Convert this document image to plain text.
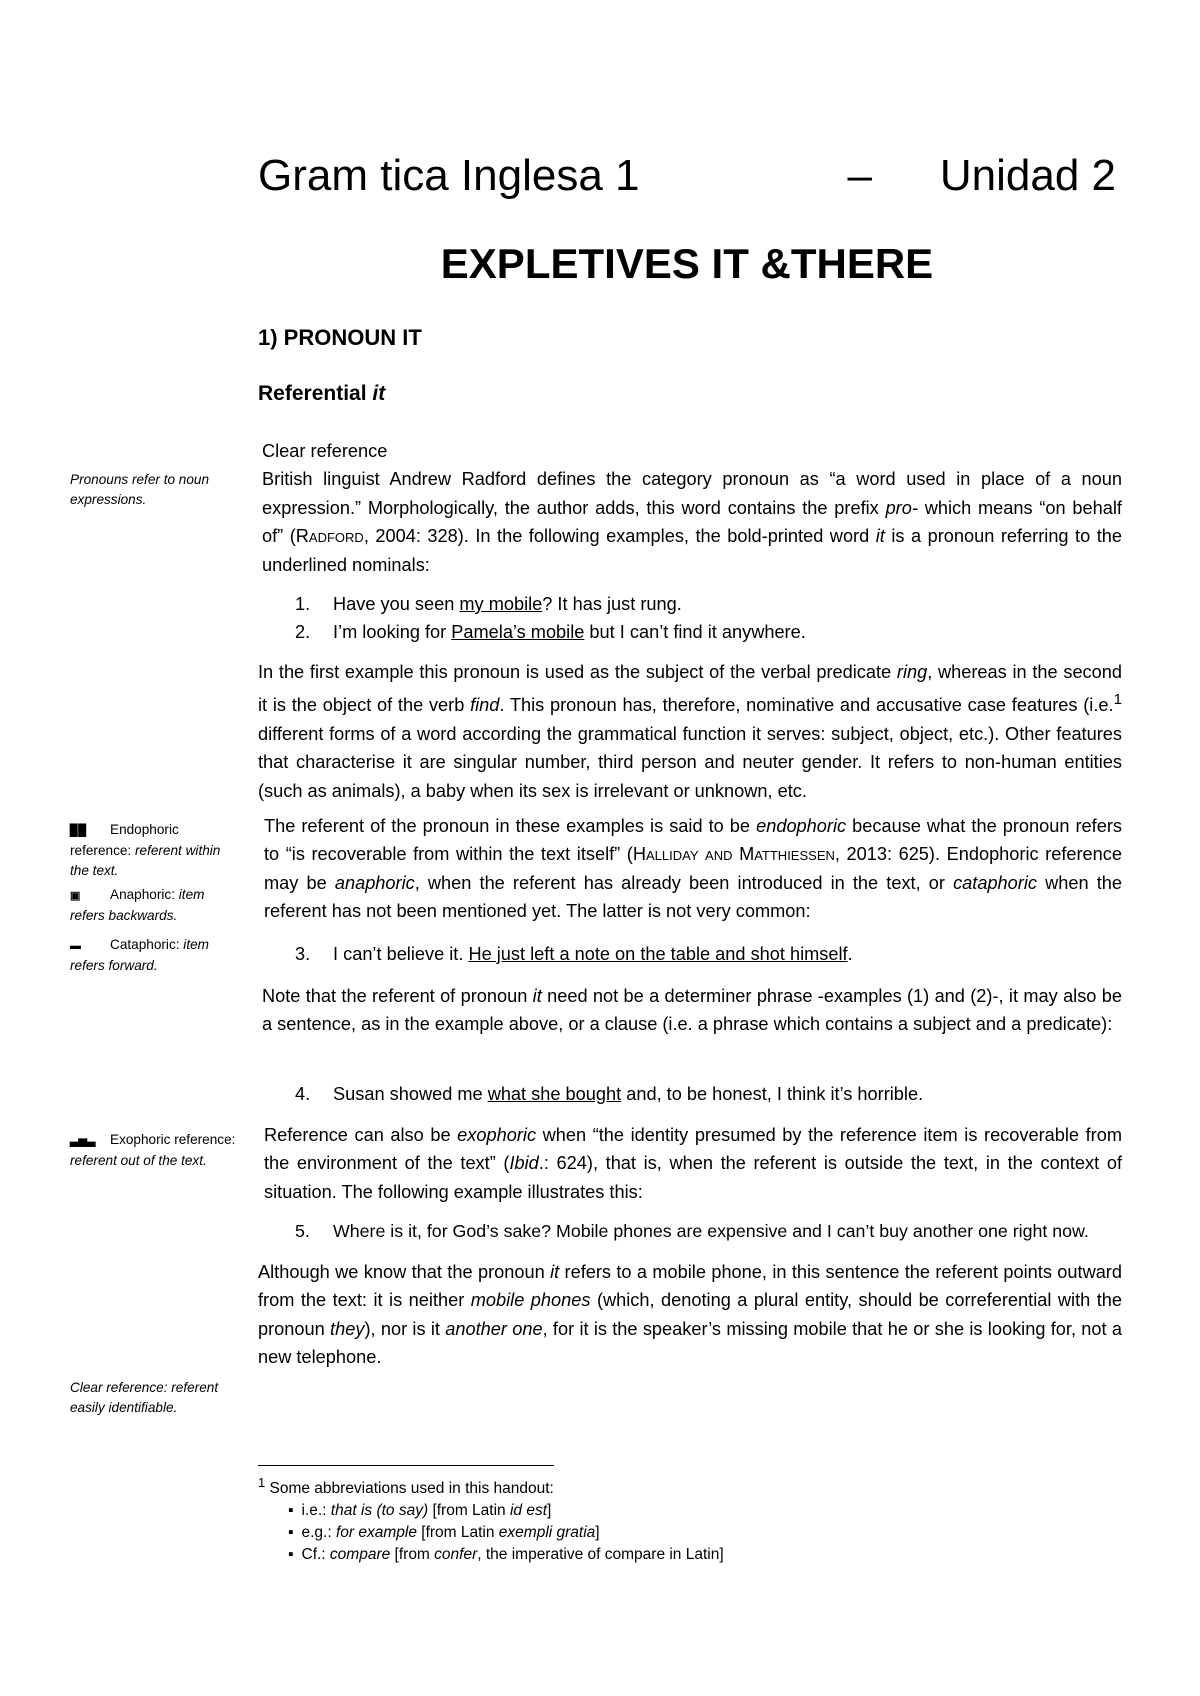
Gram tica Inglesa 1	– Unidad 2
EXPLETIVES IT &THERE
1) PRONOUN IT
Referential it
Pronouns refer to noun expressions.
▉▉ Endophoric reference: referent within the text.
▣ Anaphoric: item refers backwards.
▬ Cataphoric: item refers forward.
▃▅▃ Exophoric reference: referent out of the text.
Clear reference: referent easily identifiable.
Clear reference
British linguist Andrew Radford defines the category pronoun as “a word used in place of a noun expression.” Morphologically, the author adds, this word contains the prefix pro- which means “on behalf of” (Radford, 2004: 328). In the following examples, the bold-printed word it is a pronoun referring to the underlined nominals:
1. Have you seen my mobile? It has just rung.
2. I’m looking for Pamela’s mobile but I can’t find it anywhere.
In the first example this pronoun is used as the subject of the verbal predicate ring, whereas in the second it is the object of the verb find. This pronoun has, therefore, nominative and accusative case features (i.e.$^1$ different forms of a word according the grammatical function it serves: subject, object, etc.). Other features that characterise it are singular number, third person and neuter gender. It refers to non-human entities (such as animals), a baby when its sex is irrelevant or unknown, etc.
The referent of the pronoun in these examples is said to be endophoric because what the pronoun refers to “is recoverable from within the text itself” (Halliday and Matthiessen, 2013: 625). Endophoric reference may be anaphoric, when the referent has already been introduced in the text, or cataphoric when the referent has not been mentioned yet. The latter is not very common:
3. I can’t believe it. He just left a note on the table and shot himself.
Note that the referent of pronoun it need not be a determiner phrase -examples (1) and (2)-, it may also be a sentence, as in the example above, or a clause (i.e. a phrase which contains a subject and a predicate):
4. Susan showed me what she bought and, to be honest, I think it’s horrible.
Reference can also be exophoric when “the identity presumed by the reference item is recoverable from the environment of the text” (Ibid.: 624), that is, when the referent is outside the text, in the context of situation. The following example illustrates this:
5. Where is it, for God’s sake? Mobile phones are expensive and I can’t buy another one right now.
Although we know that the pronoun it refers to a mobile phone, in this sentence the referent points outward from the text: it is neither mobile phones (which, denoting a plural entity, should be correferential with the pronoun they), nor is it another one, for it is the speaker’s missing mobile that he or she is looking for, not a new telephone.
$^1$ Some abbreviations used in this handout:
▪ i.e.: that is (to say) [from Latin id est]
▪ e.g.: for example [from Latin exempli gratia]
▪ Cf.: compare [from confer, the imperative of compare in Latin]
